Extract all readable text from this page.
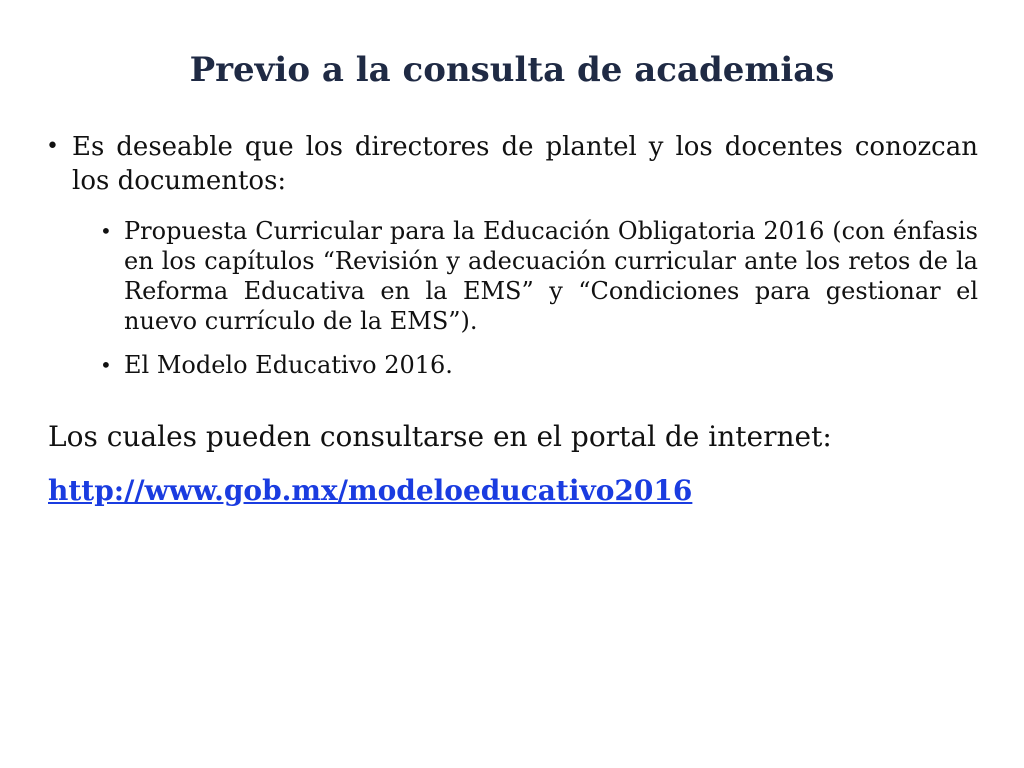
Previo a la consulta de academias
• Es deseable que los directores de plantel y los docentes conozcan los documentos:
• Propuesta Curricular para la Educación Obligatoria 2016 (con énfasis en los capítulos “Revisión y adecuación curricular ante los retos de la Reforma Educativa en la EMS” y “Condiciones para gestionar el nuevo currículo de la EMS”).
• El Modelo Educativo 2016.
Los cuales pueden consultarse en el portal de internet:
http://www.gob.mx/modeloeducativo2016
